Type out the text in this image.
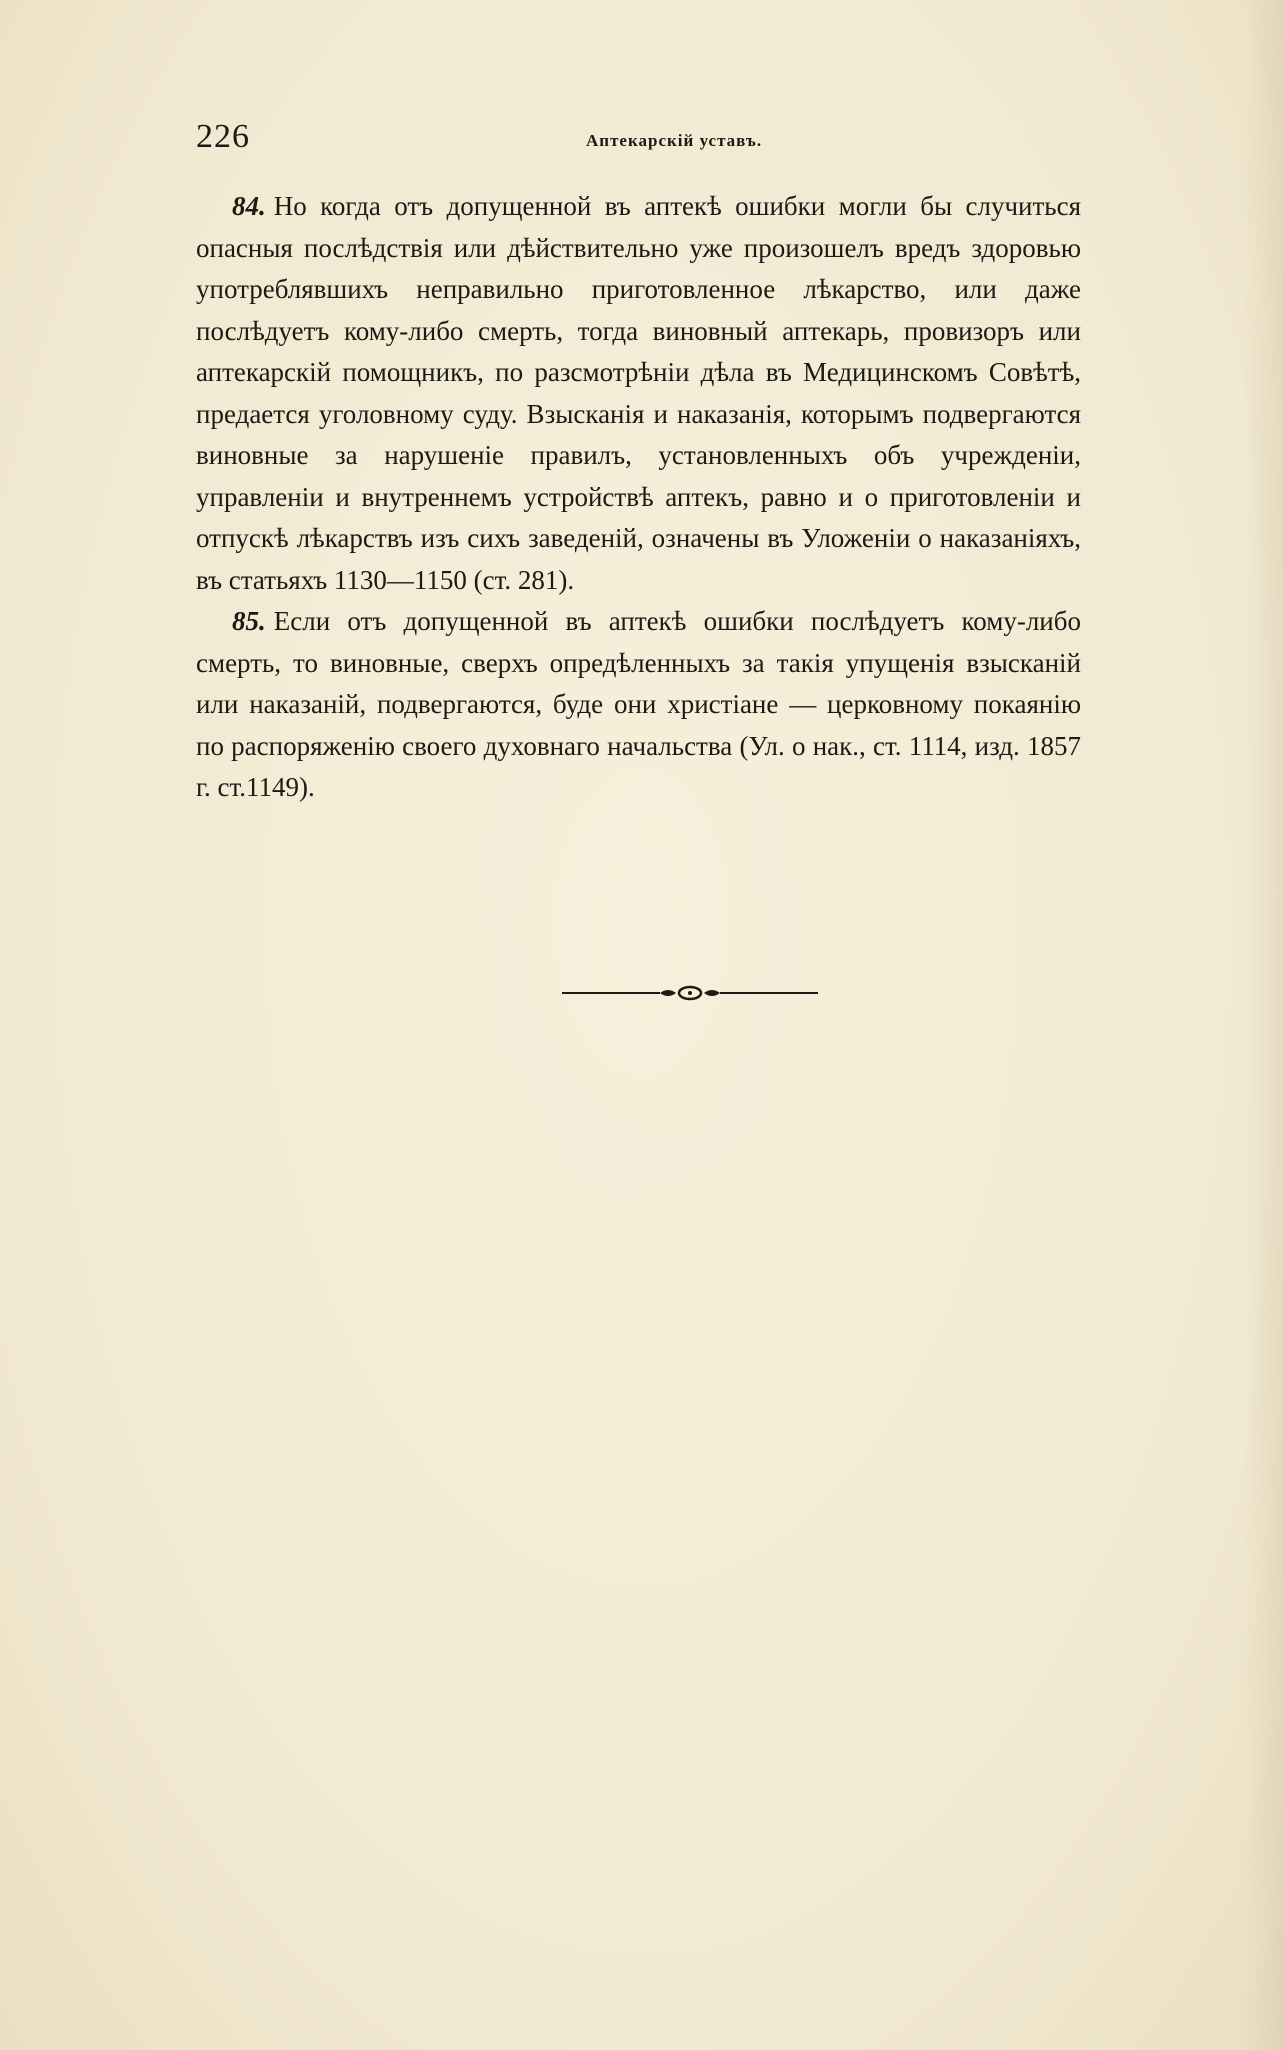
226	Аптекарскій уставъ.

84. Но когда отъ допущенной въ аптекѣ ошибки могли бы случиться опасныя послѣдствія или дѣйствительно уже произошелъ вредъ здоровью употреблявшихъ неправильно приготовленное лѣкарство, или даже послѣдуетъ кому-либо смерть, тогда виновный аптекарь, провизоръ или аптекарскій помощникъ, по разсмотрѣніи дѣла въ Медицинскомъ Совѣтѣ, предается уголовному суду. Взысканія и наказанія, которымъ подвергаются виновные за нарушеніе правилъ, установленныхъ объ учрежденіи, управленіи и внутреннемъ устройствѣ аптекъ, равно и о приготовленіи и отпускѣ лѣкарствъ изъ сихъ заведеній, означены въ Уложеніи о наказаніяхъ, въ статьяхъ 1130—1150 (ст. 281).

85. Если отъ допущенной въ аптекѣ ошибки послѣдуетъ кому-либо смерть, то виновные, сверхъ опредѣленныхъ за такія упущенія взысканій или наказаній, подвергаются, буде они христіане — церковному покаянію по распоряженію своего духовнаго начальства (Ул. о нак., ст. 1114, изд. 1857 г. ст.1149).
